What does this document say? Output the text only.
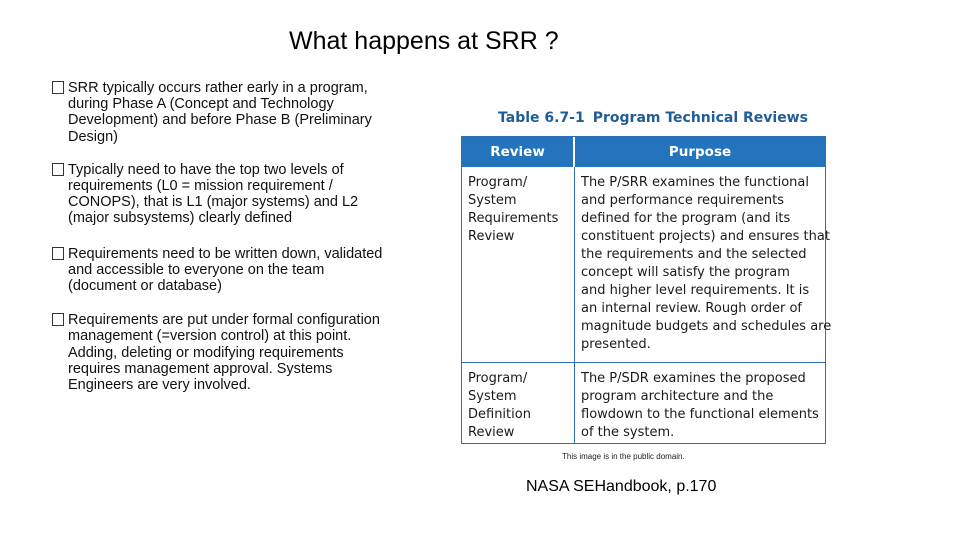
What happens at SRR ?
SRR typically occurs rather early in a program,
during Phase A (Concept and Technology
Development) and before Phase B (Preliminary
Design)
Typically need to have the top two levels of
requirements (L0 = mission requirement /
CONOPS), that is L1 (major systems) and L2
(major subsystems) clearly defined
Requirements need to be written down, validated
and accessible to everyone on the team
(document or database)
Requirements are put under formal configuration
management (=version control) at this point.
Adding, deleting or modifying requirements
requires management approval. Systems
Engineers are very involved.
Table 6.7-1 Program Technical Reviews
Review	Purpose
Program/
System
Requirements
Review
The P/SRR examines the functional
and performance requirements
defined for the program (and its
constituent projects) and ensures that
the requirements and the selected
concept will satisfy the program
and higher level requirements. It is
an internal review. Rough order of
magnitude budgets and schedules are
presented.
Program/
System
Definition
Review
The P/SDR examines the proposed
program architecture and the
flowdown to the functional elements
of the system.
This image is in the public domain.
NASA SEHandbook, p.170
